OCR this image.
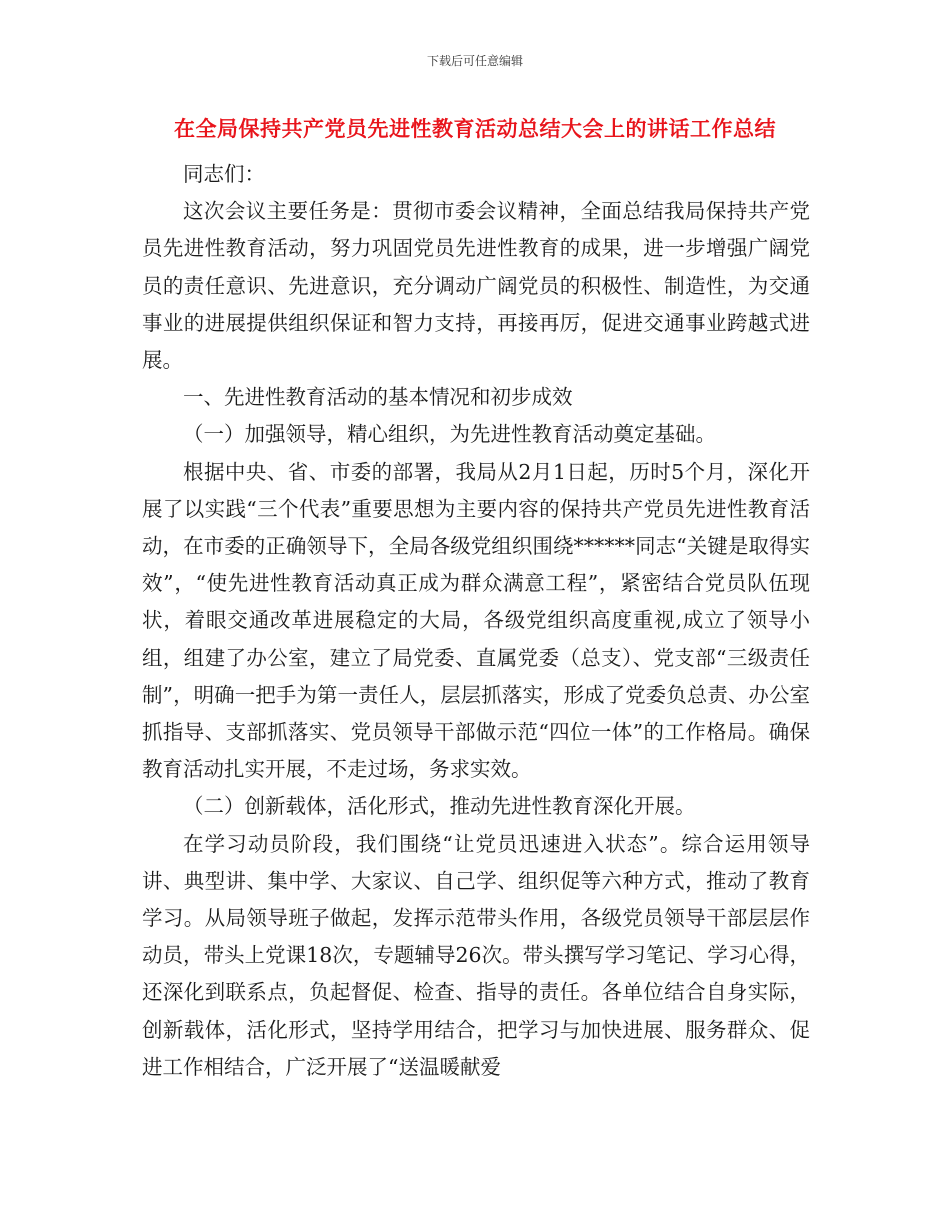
下载后可任意编辑
在全局保持共产党员先进性教育活动总结大会上的讲话工作总结

同志们：

这次会议主要任务是：贯彻市委会议精神，全面总结我局保持共产党员先进性教育活动，努力巩固党员先进性教育的成果，进一步增强广阔党员的责任意识、先进意识，充分调动广阔党员的积极性、制造性，为交通事业的进展提供组织保证和智力支持，再接再厉，促进交通事业跨越式进展。

一、先进性教育活动的基本情况和初步成效

（一）加强领导，精心组织，为先进性教育活动奠定基础。

根据中央、省、市委的部署，我局从2月1日起，历时5个月，深化开展了以实践“三个代表”重要思想为主要内容的保持共产党员先进性教育活动，在市委的正确领导下，全局各级党组织围绕******同志“关键是取得实效”，“使先进性教育活动真正成为群众满意工程”，紧密结合党员队伍现状，着眼交通改革进展稳定的大局，各级党组织高度重视,成立了领导小组，组建了办公室，建立了局党委、直属党委（总支）、党支部“三级责任制”，明确一把手为第一责任人，层层抓落实，形成了党委负总责、办公室抓指导、支部抓落实、党员领导干部做示范“四位一体”的工作格局。确保教育活动扎实开展，不走过场，务求实效。

（二）创新载体，活化形式，推动先进性教育深化开展。

在学习动员阶段，我们围绕“让党员迅速进入状态”。综合运用领导讲、典型讲、集中学、大家议、自己学、组织促等六种方式，推动了教育学习。从局领导班子做起，发挥示范带头作用，各级党员领导干部层层作动员，带头上党课18次，专题辅导26次。带头撰写学习笔记、学习心得，还深化到联系点，负起督促、检查、指导的责任。各单位结合自身实际，创新载体，活化形式，坚持学用结合，把学习与加快进展、服务群众、促进工作相结合，广泛开展了“送温暖献爱
